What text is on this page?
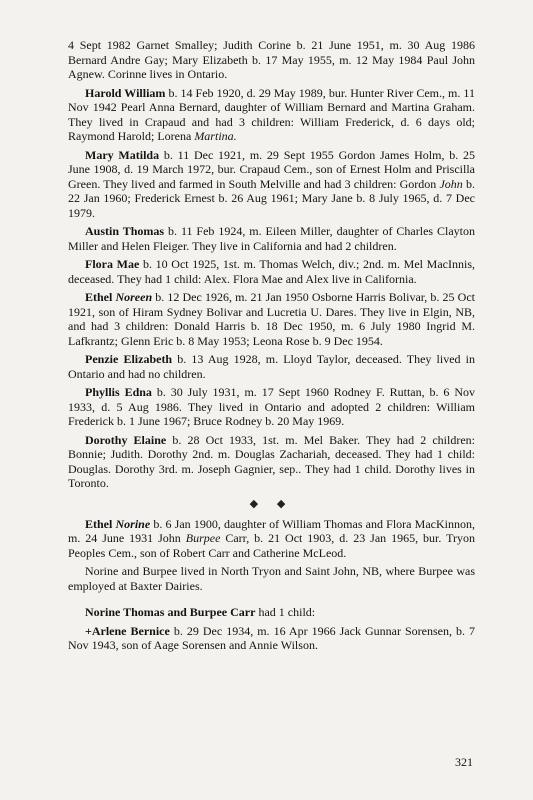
4 Sept 1982 Garnet Smalley; Judith Corine b. 21 June 1951, m. 30 Aug 1986 Bernard Andre Gay; Mary Elizabeth b. 17 May 1955, m. 12 May 1984 Paul John Agnew. Corinne lives in Ontario.

Harold William b. 14 Feb 1920, d. 29 May 1989, bur. Hunter River Cem., m. 11 Nov 1942 Pearl Anna Bernard, daughter of William Bernard and Martina Graham. They lived in Crapaud and had 3 children: William Frederick, d. 6 days old; Raymond Harold; Lorena Martina.

Mary Matilda b. 11 Dec 1921, m. 29 Sept 1955 Gordon James Holm, b. 25 June 1908, d. 19 March 1972, bur. Crapaud Cem., son of Ernest Holm and Priscilla Green. They lived and farmed in South Melville and had 3 children: Gordon John b. 22 Jan 1960; Frederick Ernest b. 26 Aug 1961; Mary Jane b. 8 July 1965, d. 7 Dec 1979.

Austin Thomas b. 11 Feb 1924, m. Eileen Miller, daughter of Charles Clayton Miller and Helen Fleiger. They live in California and had 2 children.

Flora Mae b. 10 Oct 1925, 1st. m. Thomas Welch, div.; 2nd. m. Mel MacInnis, deceased. They had 1 child: Alex. Flora Mae and Alex live in California.

Ethel Noreen b. 12 Dec 1926, m. 21 Jan 1950 Osborne Harris Bolivar, b. 25 Oct 1921, son of Hiram Sydney Bolivar and Lucretia U. Dares. They live in Elgin, NB, and had 3 children: Donald Harris b. 18 Dec 1950, m. 6 July 1980 Ingrid M. Lafkrantz; Glenn Eric b. 8 May 1953; Leona Rose b. 9 Dec 1954.

Penzie Elizabeth b. 13 Aug 1928, m. Lloyd Taylor, deceased. They lived in Ontario and had no children.

Phyllis Edna b. 30 July 1931, m. 17 Sept 1960 Rodney F. Ruttan, b. 6 Nov 1933, d. 5 Aug 1986. They lived in Ontario and adopted 2 children: William Frederick b. 1 June 1967; Bruce Rodney b. 20 May 1969.

Dorothy Elaine b. 28 Oct 1933, 1st. m. Mel Baker. They had 2 children: Bonnie; Judith. Dorothy 2nd. m. Douglas Zachariah, deceased. They had 1 child: Douglas. Dorothy 3rd. m. Joseph Gagnier, sep.. They had 1 child. Dorothy lives in Toronto.

◆ ◆

Ethel Norine b. 6 Jan 1900, daughter of William Thomas and Flora MacKinnon, m. 24 June 1931 John Burpee Carr, b. 21 Oct 1903, d. 23 Jan 1965, bur. Tryon Peoples Cem., son of Robert Carr and Catherine McLeod.

Norine and Burpee lived in North Tryon and Saint John, NB, where Burpee was employed at Baxter Dairies.

Norine Thomas and Burpee Carr had 1 child:

+Arlene Bernice b. 29 Dec 1934, m. 16 Apr 1966 Jack Gunnar Sorensen, b. 7 Nov 1943, son of Aage Sorensen and Annie Wilson.

321
